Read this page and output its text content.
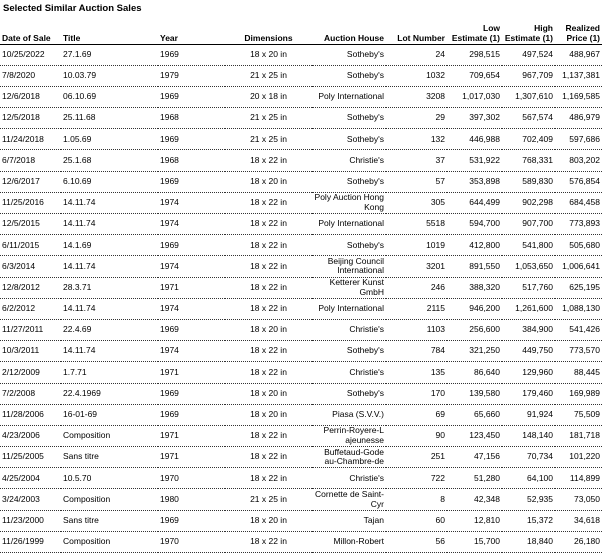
Selected Similar Auction Sales
Date of Sale	Title	Year	Dimensions	Auction House	Lot Number	Low Estimate (1)	High Estimate (1)	Realized Price (1)
10/25/2022	27.1.69	1969	18 x 20 in	Sotheby's	24	298,515	497,524	488,967
7/8/2020	10.03.79	1979	21 x 25 in	Sotheby's	1032	709,654	967,709	1,137,381
12/6/2018	06.10.69	1969	20 x 18 in	Poly International	3208	1,017,030	1,307,610	1,169,585
12/5/2018	25.11.68	1968	21 x 25 in	Sotheby's	29	397,302	567,574	486,979
11/24/2018	1.05.69	1969	21 x 25 in	Sotheby's	132	446,988	702,409	597,686
6/7/2018	25.1.68	1968	18 x 22 in	Christie's	37	531,922	768,331	803,202
12/6/2017	6.10.69	1969	18 x 20 in	Sotheby's	57	353,898	589,830	576,854
11/25/2016	14.11.74	1974	18 x 22 in	Poly Auction Hong Kong	305	644,499	902,298	684,458
12/5/2015	14.11.74	1974	18 x 22 in	Poly International	5518	594,700	907,700	773,893
6/11/2015	14.1.69	1969	18 x 22 in	Sotheby's	1019	412,800	541,800	505,680
6/3/2014	14.11.74	1974	18 x 22 in	Beijing Council International	3201	891,550	1,053,650	1,006,641
12/8/2012	28.3.71	1971	18 x 22 in	Ketterer Kunst GmbH	246	388,320	517,760	625,195
6/2/2012	14.11.74	1974	18 x 22 in	Poly International	2115	946,200	1,261,600	1,088,130
11/27/2011	22.4.69	1969	18 x 20 in	Christie's	1103	256,600	384,900	541,426
10/3/2011	14.11.74	1974	18 x 22 in	Sotheby's	784	321,250	449,750	773,570
2/12/2009	1.7.71	1971	18 x 22 in	Christie's	135	86,640	129,960	88,445
7/2/2008	22.4.1969	1969	18 x 20 in	Sotheby's	170	139,580	179,460	169,989
11/28/2006	16-01-69	1969	18 x 20 in	Piasa (S.V.V.)	69	65,660	91,924	75,509
4/23/2006	Composition	1971	18 x 22 in	Perrin-Royere-L ajeunesse	90	123,450	148,140	181,718
11/25/2005	Sans titre	1971	18 x 22 in	Buffetaud-Gode au-Chambre-de	251	47,156	70,734	101,220
4/25/2004	10.5.70	1970	18 x 22 in	Christie's	722	51,280	64,100	114,899
3/24/2003	Composition	1980	21 x 25 in	Cornette de Saint-Cyr	8	42,348	52,935	73,050
11/23/2000	Sans titre	1969	18 x 20 in	Tajan	60	12,810	15,372	34,618
11/26/1999	Composition	1970	18 x 22 in	Millon-Robert	56	15,700	18,840	26,180
